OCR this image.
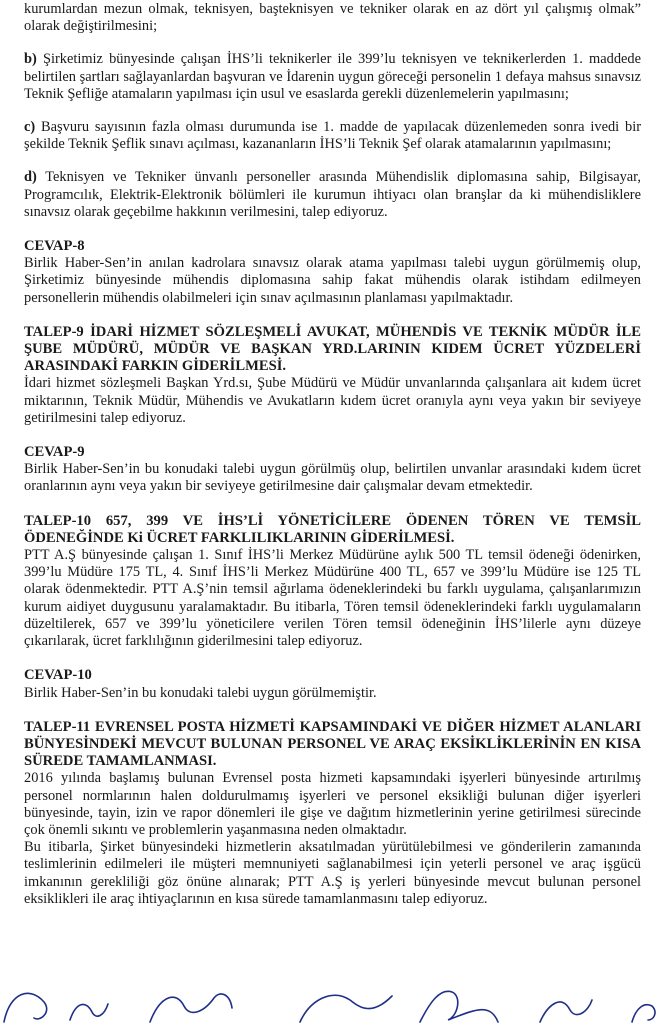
kurumlardan mezun olmak, teknisyen, başteknisyen ve tekniker olarak en az dört yıl çalışmış olmak” olarak değiştirilmesini;

b) Şirketimiz bünyesinde çalışan İHS’li teknikerler ile 399’lu teknisyen ve teknikerlerden 1. maddede belirtilen şartları sağlayanlardan başvuran ve İdarenin uygun göreceği personelin 1 defaya mahsus sınavsız Teknik Şefliğe atamaların yapılması için usul ve esaslarda gerekli düzenlemelerin yapılmasını;

c) Başvuru sayısının fazla olması durumunda ise 1. madde de yapılacak düzenlemeden sonra ivedi bir şekilde Teknik Şeflik sınavı açılması, kazananların İHS’li Teknik Şef olarak atamalarının yapılmasını;

d) Teknisyen ve Tekniker ünvanlı personeller arasında Mühendislik diplomasına sahip, Bilgisayar, Programcılık, Elektrik-Elektronik bölümleri ile kurumun ihtiyacı olan branşlar da ki mühendisliklere sınavsız olarak geçebilme hakkının verilmesini, talep ediyoruz.

CEVAP-8

Birlik Haber-Sen’in anılan kadrolara sınavsız olarak atama yapılması talebi uygun görülmemiş olup, Şirketimiz bünyesinde mühendis diplomasına sahip fakat mühendis olarak istihdam edilmeyen personellerin mühendis olabilmeleri için sınav açılmasının planlaması yapılmaktadır.

TALEP-9 İDARİ HİZMET SÖZLEŞMELİ AVUKAT, MÜHENDİS VE TEKNİK MÜDÜR İLE ŞUBE MÜDÜRÜ, MÜDÜR VE BAŞKAN YRD.LARININ KIDEM ÜCRET YÜZDELERİ ARASINDAKİ FARKIN GİDERİLMESİ.

İdari hizmet sözleşmeli Başkan Yrd.sı, Şube Müdürü ve Müdür unvanlarında çalışanlara ait kıdem ücret miktarının, Teknik Müdür, Mühendis ve Avukatların kıdem ücret oranıyla aynı veya yakın bir seviyeye getirilmesini talep ediyoruz.

CEVAP-9

Birlik Haber-Sen’in bu konudaki talebi uygun görülmüş olup, belirtilen unvanlar arasındaki kıdem ücret oranlarının aynı veya yakın bir seviyeye getirilmesine dair çalışmalar devam etmektedir.

TALEP-10 657, 399 VE İHS’Lİ YÖNETİCİLERE ÖDENEN TÖREN VE TEMSİL ÖDENEĞİNDE Ki ÜCRET FARKLILIKLARININ GİDERİLMESİ.

PTT A.Ş bünyesinde çalışan 1. Sınıf İHS’li Merkez Müdürüne aylık 500 TL temsil ödeneği ödenirken, 399’lu Müdüre 175 TL, 4. Sınıf İHS’li Merkez Müdürüne 400 TL, 657 ve 399’lu Müdüre ise 125 TL olarak ödenmektedir. PTT A.Ş’nin temsil ağırlama ödeneklerindeki bu farklı uygulama, çalışanlarımızın kurum aidiyet duygusunu yaralamaktadır. Bu itibarla, Tören temsil ödeneklerindeki farklı uygulamaların düzeltilerek, 657 ve 399’lu yöneticilere verilen Tören temsil ödeneğinin İHS’lilerle aynı düzeye çıkarılarak, ücret farklılığının giderilmesini talep ediyoruz.

CEVAP-10

Birlik Haber-Sen’in bu konudaki talebi uygun görülmemiştir.

TALEP-11 EVRENSEL POSTA HİZMETİ KAPSAMINDAKİ VE DİĞER HİZMET ALANLARI BÜNYESİNDEKİ MEVCUT BULUNAN PERSONEL VE ARAÇ EKSİKLİKLERİNİN EN KISA SÜREDE TAMAMLANMASI.

2016 yılında başlamış bulunan Evrensel posta hizmeti kapsamındaki işyerleri bünyesinde artırılmış personel normlarının halen doldurulmamış işyerleri ve personel eksikliği bulunan diğer işyerleri bünyesinde, tayin, izin ve rapor dönemleri ile gişe ve dağıtım hizmetlerinin yerine getirilmesi sürecinde çok önemli sıkıntı ve problemlerin yaşanmasına neden olmaktadır.

Bu itibarla, Şirket bünyesindeki hizmetlerin aksatılmadan yürütülebilmesi ve gönderilerin zamanında teslimlerinin edilmeleri ile müşteri memnuniyeti sağlanabilmesi için yeterli personel ve araç işgücü imkanının gerekliliği göz önüne alınarak; PTT A.Ş iş yerleri bünyesinde mevcut bulunan personel eksiklikleri ile araç ihtiyaçlarının en kısa sürede tamamlanmasını talep ediyoruz.
